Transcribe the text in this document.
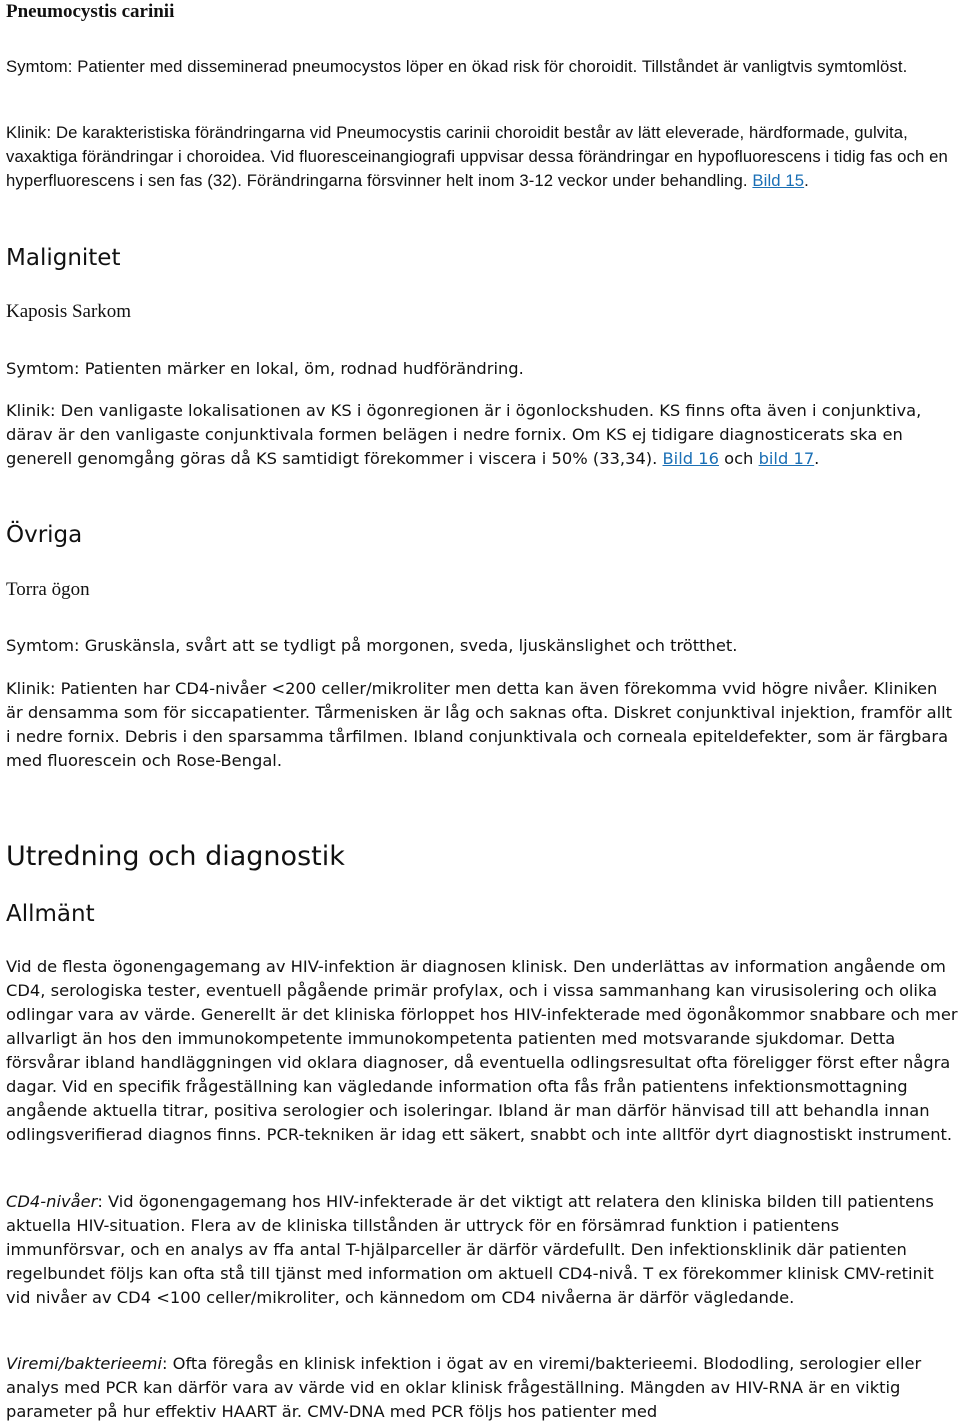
Pneumocystis carinii

Symtom: Patienter med disseminerad pneumocystos löper en ökad risk för choroidit. Tillståndet är vanligtvis symtomlöst.

Klinik: De karakteristiska förändringarna vid Pneumocystis carinii choroidit består av lätt eleverade, härdformade, gulvita, vaxaktiga förändringar i choroidea. Vid fluoresceinangiografi uppvisar dessa förändringar en hypofluorescens i tidig fas och en hyperfluorescens i sen fas (32). Förändringarna försvinner helt inom 3-12 veckor under behandling. Bild 15.

Malignitet
Kaposis Sarkom

Symtom: Patienten märker en lokal, öm, rodnad hudförändring.

Klinik: Den vanligaste lokalisationen av KS i ögonregionen är i ögonlockshuden. KS finns ofta även i conjunktiva, därav är den vanligaste conjunktivala formen belägen i nedre fornix. Om KS ej tidigare diagnosticerats ska en generell genomgång göras då KS samtidigt förekommer i viscera i 50% (33,34). Bild 16 och bild 17.

Övriga
Torra ögon

Symtom: Gruskänsla, svårt att se tydligt på morgonen, sveda, ljuskänslighet och trötthet.

Klinik: Patienten har CD4-nivåer <200 celler/mikroliter men detta kan även förekomma vvid högre nivåer. Kliniken är densamma som för siccapatienter. Tårmenisken är låg och saknas ofta. Diskret conjunktival injektion, framför allt i nedre fornix. Debris i den sparsamma tårfilmen. Ibland conjunktivala och corneala epiteldefekter, som är färgbara med fluorescein och Rose-Bengal.

Utredning och diagnostik
Allmänt

Vid de flesta ögonengagemang av HIV-infektion är diagnosen klinisk. Den underlättas av information angående om CD4, serologiska tester, eventuell pågående primär profylax, och i vissa sammanhang kan virusisolering och olika odlingar vara av värde. Generellt är det kliniska förloppet hos HIV-infekterade med ögonåkommor snabbare och mer allvarligt än hos den immunokompetente immunokompetenta patienten med motsvarande sjukdomar. Detta försvårar ibland handläggningen vid oklara diagnoser, då eventuella odlingsresultat ofta föreligger först efter några dagar. Vid en specifik frågeställning kan vägledande information ofta fås från patientens infektionsmottagning angående aktuella titrar, positiva serologier och isoleringar. Ibland är man därför hänvisad till att behandla innan odlingsverifierad diagnos finns. PCR-tekniken är idag ett säkert, snabbt och inte alltför dyrt diagnostiskt instrument.

CD4-nivåer: Vid ögonengagemang hos HIV-infekterade är det viktigt att relatera den kliniska bilden till patientens aktuella HIV-situation. Flera av de kliniska tillstånden är uttryck för en försämrad funktion i patientens immunförsvar, och en analys av ffa antal T-hjälparceller är därför värdefullt. Den infektionsklinik där patienten regelbundet följs kan ofta stå till tjänst med information om aktuell CD4-nivå. T ex förekommer klinisk CMV-retinit vid nivåer av CD4 <100 celler/mikroliter, och kännedom om CD4 nivåerna är därför vägledande.

Viremi/bakterieemi: Ofta föregås en klinisk infektion i ögat av en viremi/bakterieemi. Blododling, serologier eller analys med PCR kan därför vara av värde vid en oklar klinisk frågeställning. Mängden av HIV-RNA är en viktig parameter på hur effektiv HAART är. CMV-DNA med PCR följs hos patienter med
